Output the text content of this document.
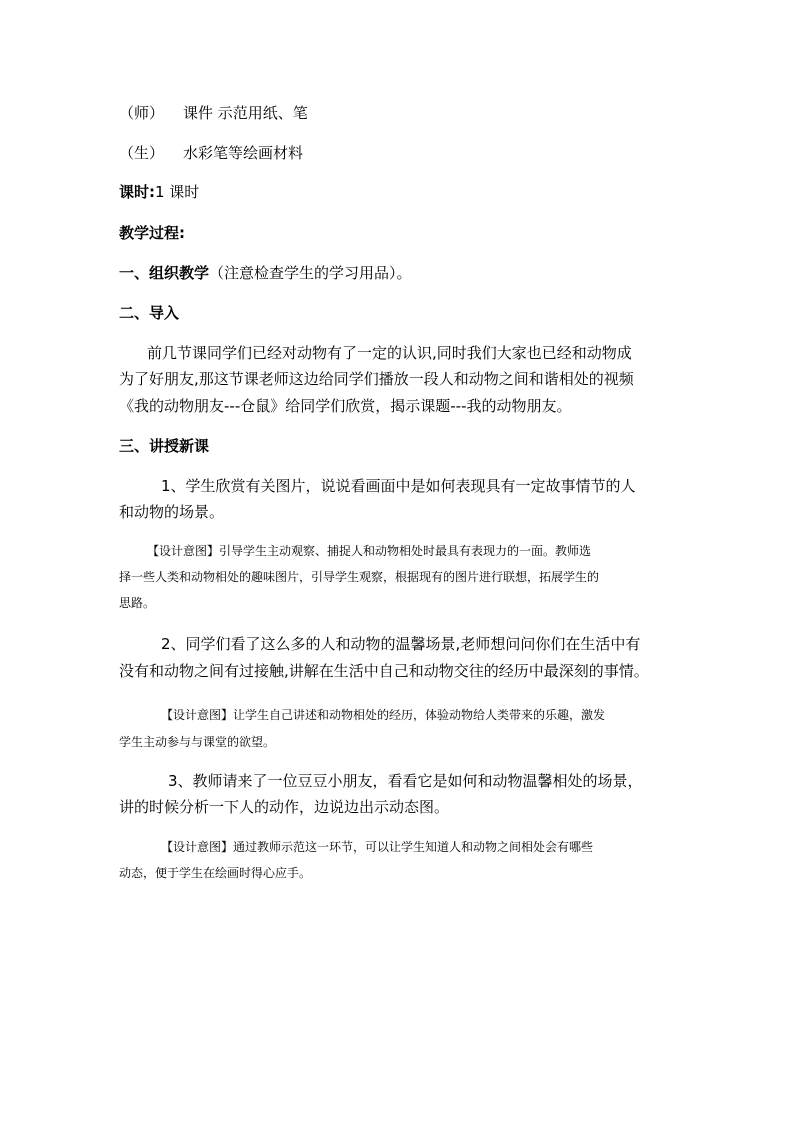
（师） 课件 示范用纸、笔
（生） 水彩笔等绘画材料
课时:1 课时
教学过程:
一、组织教学（注意检查学生的学习用品）。
二、导入
前几节课同学们已经对动物有了一定的认识,同时我们大家也已经和动物成
为了好朋友,那这节课老师这边给同学们播放一段人和动物之间和谐相处的视频
《我的动物朋友---仓鼠》给同学们欣赏，揭示课题---我的动物朋友。
三、讲授新课
1、学生欣赏有关图片，说说看画面中是如何表现具有一定故事情节的人
和动物的场景。
【设计意图】引导学生主动观察、捕捉人和动物相处时最具有表现力的一面。教师选
择一些人类和动物相处的趣味图片，引导学生观察，根据现有的图片进行联想，拓展学生的
思路。
2、同学们看了这么多的人和动物的温馨场景,老师想问问你们在生活中有
没有和动物之间有过接触,讲解在生活中自己和动物交往的经历中最深刻的事情。
【设计意图】让学生自己讲述和动物相处的经历，体验动物给人类带来的乐趣，激发
学生主动参与与课堂的欲望。
3、教师请来了一位豆豆小朋友，看看它是如何和动物温馨相处的场景，
讲的时候分析一下人的动作，边说边出示动态图。
【设计意图】通过教师示范这一环节，可以让学生知道人和动物之间相处会有哪些
动态，便于学生在绘画时得心应手。
